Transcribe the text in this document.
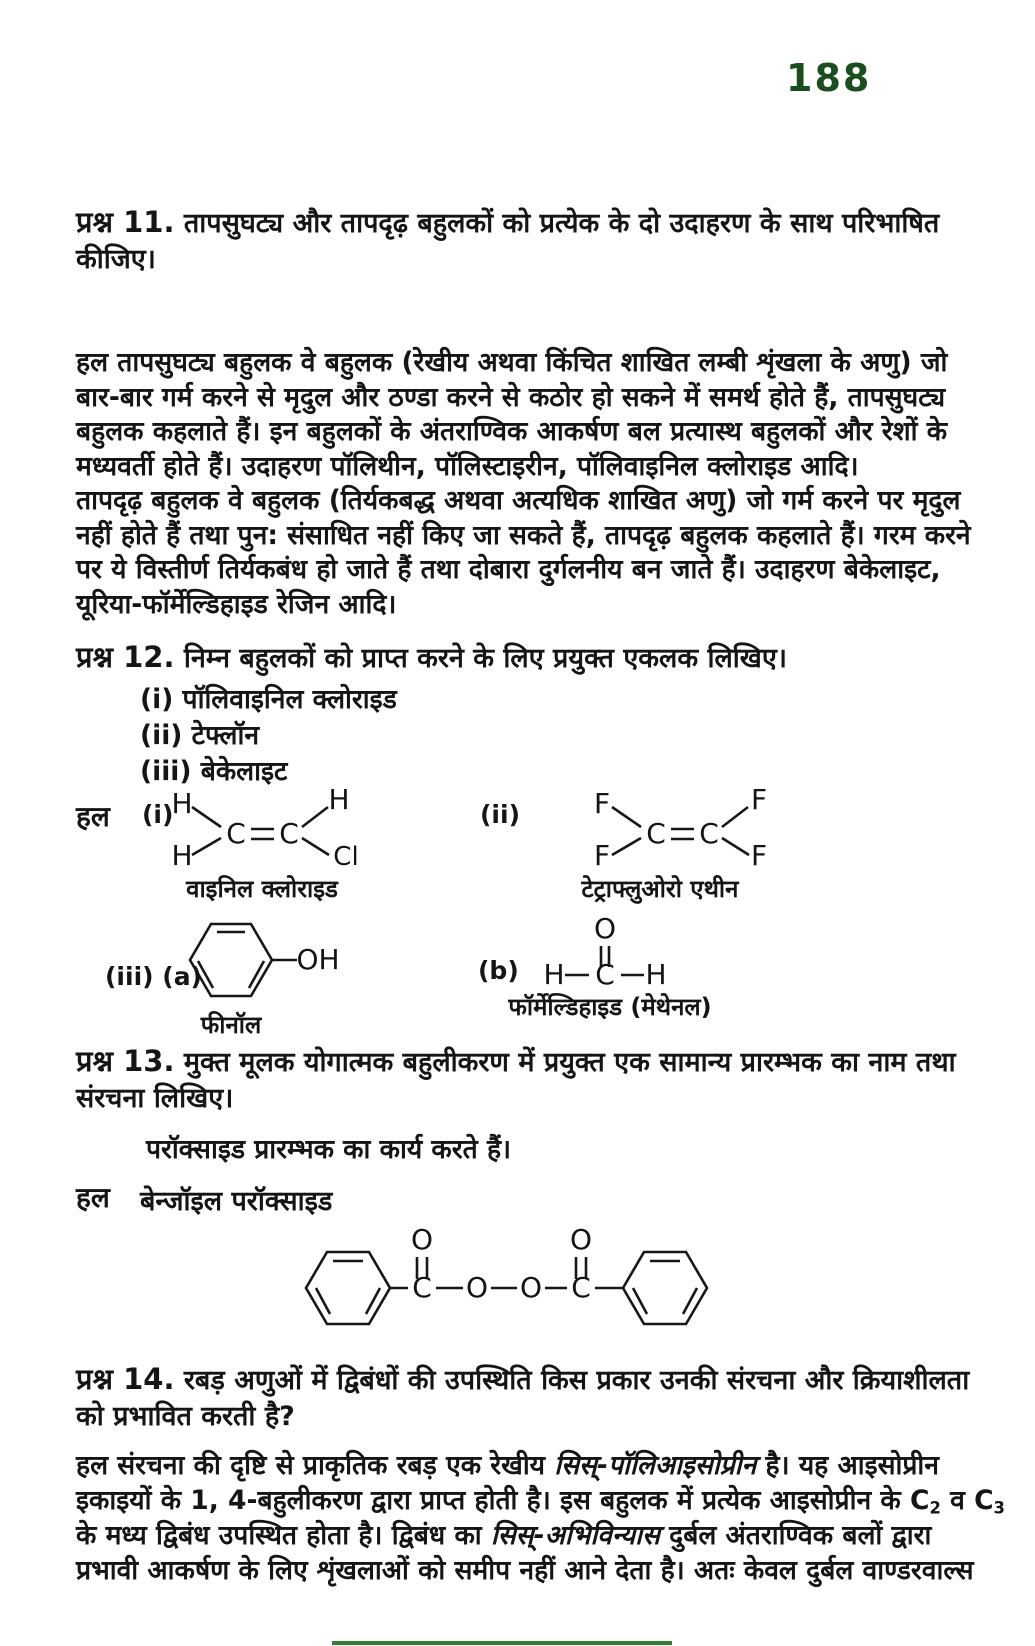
188
प्रश्न 11. तापसुघट्य और तापदृढ़ बहुलकों को प्रत्येक के दो उदाहरण के साथ परिभाषित
कीजिए।
हल तापसुघट्य बहुलक वे बहुलक (रेखीय अथवा किंचित शाखित लम्बी शृंखला के अणु) जो
बार-बार गर्म करने से मृदुल और ठण्डा करने से कठोर हो सकने में समर्थ होते हैं, तापसुघट्य
बहुलक कहलाते हैं। इन बहुलकों के अंतराण्विक आकर्षण बल प्रत्यास्थ बहुलकों और रेशों के
मध्यवर्ती होते हैं। उदाहरण पॉलिथीन, पॉलिस्टाइरीन, पॉलिवाइनिल क्लोराइड आदि।
तापदृढ़ बहुलक वे बहुलक (तिर्यकबद्ध अथवा अत्यधिक शाखित अणु) जो गर्म करने पर मृदुल
नहीं होते हैं तथा पुन: संसाधित नहीं किए जा सकते हैं, तापदृढ़ बहुलक कहलाते हैं। गरम करने
पर ये विस्तीर्ण तिर्यकबंध हो जाते हैं तथा दोबारा दुर्गलनीय बन जाते हैं। उदाहरण बेकेलाइट,
यूरिया-फॉर्मेल्डिहाइड रेजिन आदि।
प्रश्न 12. निम्न बहुलकों को प्राप्त करने के लिए प्रयुक्त एकलक लिखिए।
(i) पॉलिवाइनिल क्लोराइड
(ii) टेफ्लॉन
(iii) बेकेलाइट
हल (i)
H
H
C C
H
Cl
वाइनिल क्लोराइड
(ii)	F
F
C C
F
F
टेट्राफ्लुओरो एथीन
(iii) (a)
OH
फीनॉल
(b)
O
H C H
फॉर्मेल्डिहाइड (मेथेनल)
प्रश्न 13. मुक्त मूलक योगात्मक बहुलीकरण में प्रयुक्त एक सामान्य प्रारम्भक का नाम तथा
संरचना लिखिए।
परॉक्साइड प्रारम्भक का कार्य करते हैं।
हल बेन्जॉइल परॉक्साइड
O
C O O C
O
प्रश्न 14. रबड़ अणुओं में द्विबंधों की उपस्थिति किस प्रकार उनकी संरचना और क्रियाशीलता
को प्रभावित करती है?
हल संरचना की दृष्टि से प्राकृतिक रबड़ एक रेखीय सिस्-पॉलिआइसोप्रीन है। यह आइसोप्रीन
इकाइयों के 1, 4-बहुलीकरण द्वारा प्राप्त होती है। इस बहुलक में प्रत्येक आइसोप्रीन के C2 व C3
के मध्य द्विबंध उपस्थित होता है। द्विबंध का सिस्-अभिविन्यास दुर्बल अंतराण्विक बलों द्वारा
प्रभावी आकर्षण के लिए शृंखलाओं को समीप नहीं आने देता है। अतः केवल दुर्बल वाण्डरवाल्स
